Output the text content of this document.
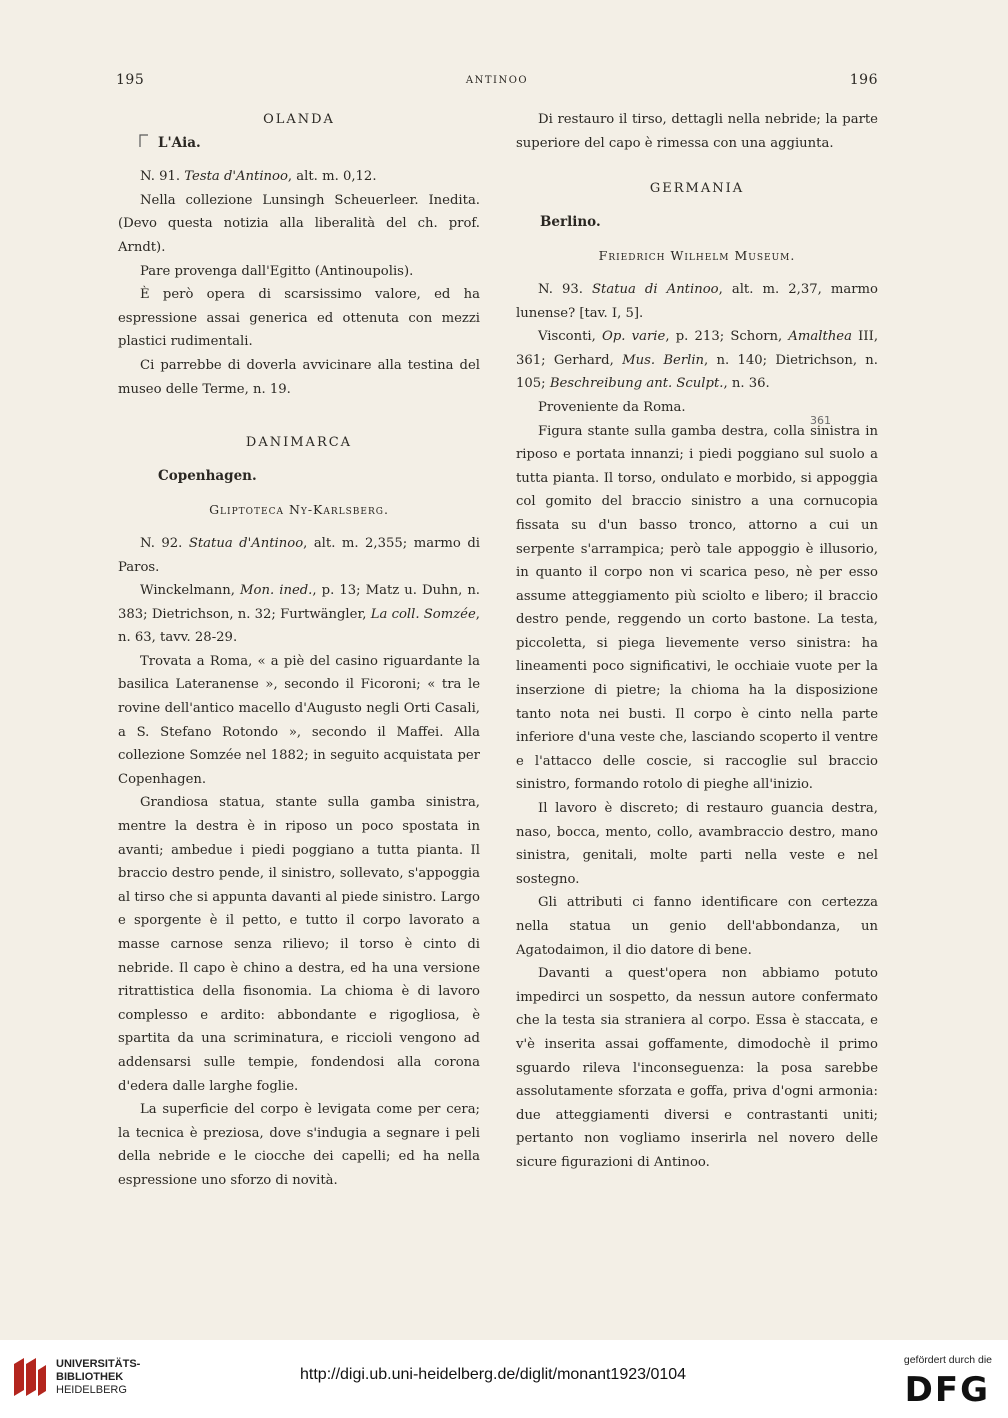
195	ANTINOO	196
OLANDA
L'Aia.

N. 91. Testa d'Antinoo, alt. m. 0,12.

Nella collezione Lunsingh Scheuerleer. Inedita. (Devo questa notizia alla liberalità del ch. prof. Arndt).

Pare provenga dall'Egitto (Antinoupolis).

È però opera di scarsissimo valore, ed ha espressione assai generica ed ottenuta con mezzi plastici rudimentali.

Ci parrebbe di doverla avvicinare alla testina del museo delle Terme, n. 19.

DANIMARCA
Copenhagen.
Gliptoteca Ny-Karlsberg.

N. 92. Statua d'Antinoo, alt. m. 2,355; marmo di Paros.

Winckelmann, Mon. ined., p. 13; Matz u. Duhn, n. 383; Dietrichson, n. 32; Furtwängler, La coll. Somzée, n. 63, tavv. 28-29.

Trovata a Roma, « a piè del casino riguardante la basilica Lateranense », secondo il Ficoroni; « tra le rovine dell'antico macello d'Augusto negli Orti Casali, a S. Stefano Rotondo », secondo il Maffei. Alla collezione Somzée nel 1882; in seguito acquistata per Copenhagen.

Grandiosa statua, stante sulla gamba sinistra, mentre la destra è in riposo un poco spostata in avanti; ambedue i piedi poggiano a tutta pianta. Il braccio destro pende, il sinistro, sollevato, s'appoggia al tirso che si appunta davanti al piede sinistro. Largo e sporgente è il petto, e tutto il corpo lavorato a masse carnose senza rilievo; il torso è cinto di nebride. Il capo è chino a destra, ed ha una versione ritrattistica della fisonomia. La chioma è di lavoro complesso e ardito: abbondante e rigogliosa, è spartita da una scriminatura, e riccioli vengono ad addensarsi sulle tempie, fondendosi alla corona d'edera dalle larghe foglie.

La superficie del corpo è levigata come per cera; la tecnica è preziosa, dove s'indugia a segnare i peli della nebride e le ciocche dei capelli; ed ha nella espressione uno sforzo di novità.

Di restauro il tirso, dettagli nella nebride; la parte superiore del capo è rimessa con una aggiunta.

GERMANIA
Berlino.
Friedrich Wilhelm Museum.

N. 93. Statua di Antinoo, alt. m. 2,37, marmo lunense? [tav. I, 5].

Visconti, Op. varie, p. 213; Schorn, Amalthea III, 361; Gerhard, Mus. Berlin, n. 140; Dietrichson, n. 105; Beschreibung ant. Sculpt., n. 36.

Proveniente da Roma.

Figura stante sulla gamba destra, colla sinistra in riposo e portata innanzi; i piedi poggiano sul suolo a tutta pianta. Il torso, ondulato e morbido, si appoggia col gomito del braccio sinistro a una cornucopia fissata su d'un basso tronco, attorno a cui un serpente s'arrampica; però tale appoggio è illusorio, in quanto il corpo non vi scarica peso, nè per esso assume atteggiamento più sciolto e libero; il braccio destro pende, reggendo un corto bastone. La testa, piccoletta, si piega lievemente verso sinistra: ha lineamenti poco significativi, le occhiaie vuote per la inserzione di pietre; la chioma ha la disposizione tanto nota nei busti. Il corpo è cinto nella parte inferiore d'una veste che, lasciando scoperto il ventre e l'attacco delle coscie, si raccoglie sul braccio sinistro, formando rotolo di pieghe all'inizio.

Il lavoro è discreto; di restauro guancia destra, naso, bocca, mento, collo, avambraccio destro, mano sinistra, genitali, molte parti nella veste e nel sostegno.

Gli attributi ci fanno identificare con certezza nella statua un genio dell'abbondanza, un Agatodaimon, il dio datore di bene.

Davanti a quest'opera non abbiamo potuto impedirci un sospetto, da nessun autore confermato che la testa sia straniera al corpo. Essa è staccata, e v'è inserita assai goffamente, dimodochè il primo sguardo rileva l'inconseguenza: la posa sarebbe assolutamente sforzata e goffa, priva d'ogni armonia: due atteggiamenti diversi e contrastanti uniti; pertanto non vogliamo inserirla nel novero delle sicure figurazioni di Antinoo.

361
UNIVERSITÄTS-
BIBLIOTHEK
HEIDELBERG
http://digi.ub.uni-heidelberg.de/diglit/monant1923/0104
gefördert durch die
DFG
